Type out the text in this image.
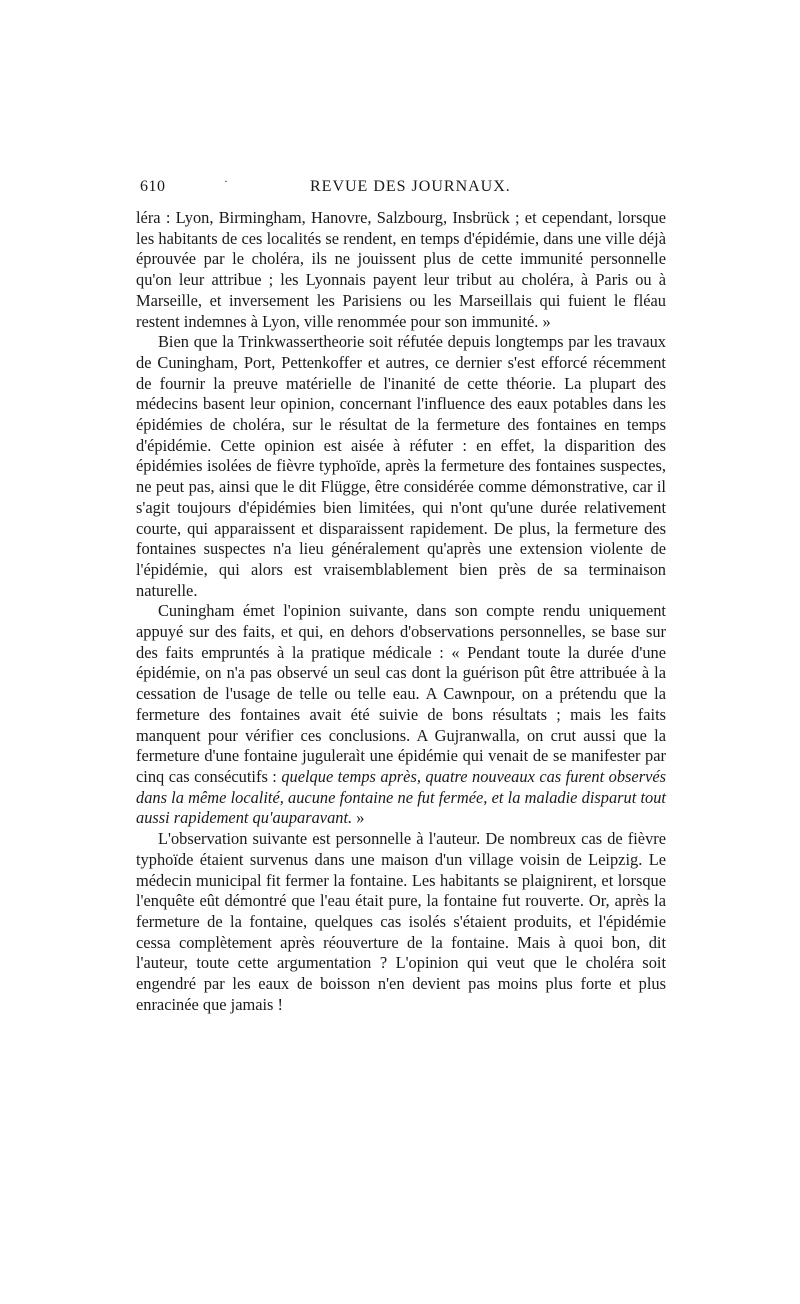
610	·	REVUE DES JOURNAUX.

léra : Lyon, Birmingham, Hanovre, Salzbourg, Insbrück ; et cependant, lorsque les habitants de ces localités se rendent, en temps d'épidémie, dans une ville déjà éprouvée par le choléra, ils ne jouissent plus de cette immunité personnelle qu'on leur attribue ; les Lyonnais payent leur tribut au choléra, à Paris ou à Marseille, et inversement les Parisiens ou les Marseillais qui fuient le fléau restent indemnes à Lyon, ville renommée pour son immunité. »

Bien que la Trinkwassertheorie soit réfutée depuis longtemps par les travaux de Cuningham, Port, Pettenkoffer et autres, ce dernier s'est efforcé récemment de fournir la preuve matérielle de l'inanité de cette théorie. La plupart des médecins basent leur opinion, concernant l'influence des eaux potables dans les épidémies de choléra, sur le résultat de la fermeture des fontaines en temps d'épidémie. Cette opinion est aisée à réfuter : en effet, la disparition des épidémies isolées de fièvre typhoïde, après la fermeture des fontaines suspectes, ne peut pas, ainsi que le dit Flügge, être considérée comme démonstrative, car il s'agit toujours d'épidémies bien limitées, qui n'ont qu'une durée relativement courte, qui apparaissent et disparaissent rapidement. De plus, la fermeture des fontaines suspectes n'a lieu généralement qu'après une extension violente de l'épidémie, qui alors est vraisemblablement bien près de sa terminaison naturelle.

Cuningham émet l'opinion suivante, dans son compte rendu uniquement appuyé sur des faits, et qui, en dehors d'observations personnelles, se base sur des faits empruntés à la pratique médicale : « Pendant toute la durée d'une épidémie, on n'a pas observé un seul cas dont la guérison pût être attribuée à la cessation de l'usage de telle ou telle eau. A Cawnpour, on a prétendu que la fermeture des fontaines avait été suivie de bons résultats ; mais les faits manquent pour vérifier ces conclusions. A Gujranwalla, on crut aussi que la fermeture d'une fontaine juguleraìt une épidémie qui venait de se manifester par cinq cas consécutifs : quelque temps après, quatre nouveaux cas furent observés dans la même localité, aucune fontaine ne fut fermée, et la maladie disparut tout aussi rapidement qu'auparavant. »

L'observation suivante est personnelle à l'auteur. De nombreux cas de fièvre typhoïde étaient survenus dans une maison d'un village voisin de Leipzig. Le médecin municipal fit fermer la fontaine. Les habitants se plaignirent, et lorsque l'enquête eût démontré que l'eau était pure, la fontaine fut rouverte. Or, après la fermeture de la fontaine, quelques cas isolés s'étaient produits, et l'épidémie cessa complètement après réouverture de la fontaine. Mais à quoi bon, dit l'auteur, toute cette argumentation ? L'opinion qui veut que le choléra soit engendré par les eaux de boisson n'en devient pas moins plus forte et plus enracinée que jamais !
